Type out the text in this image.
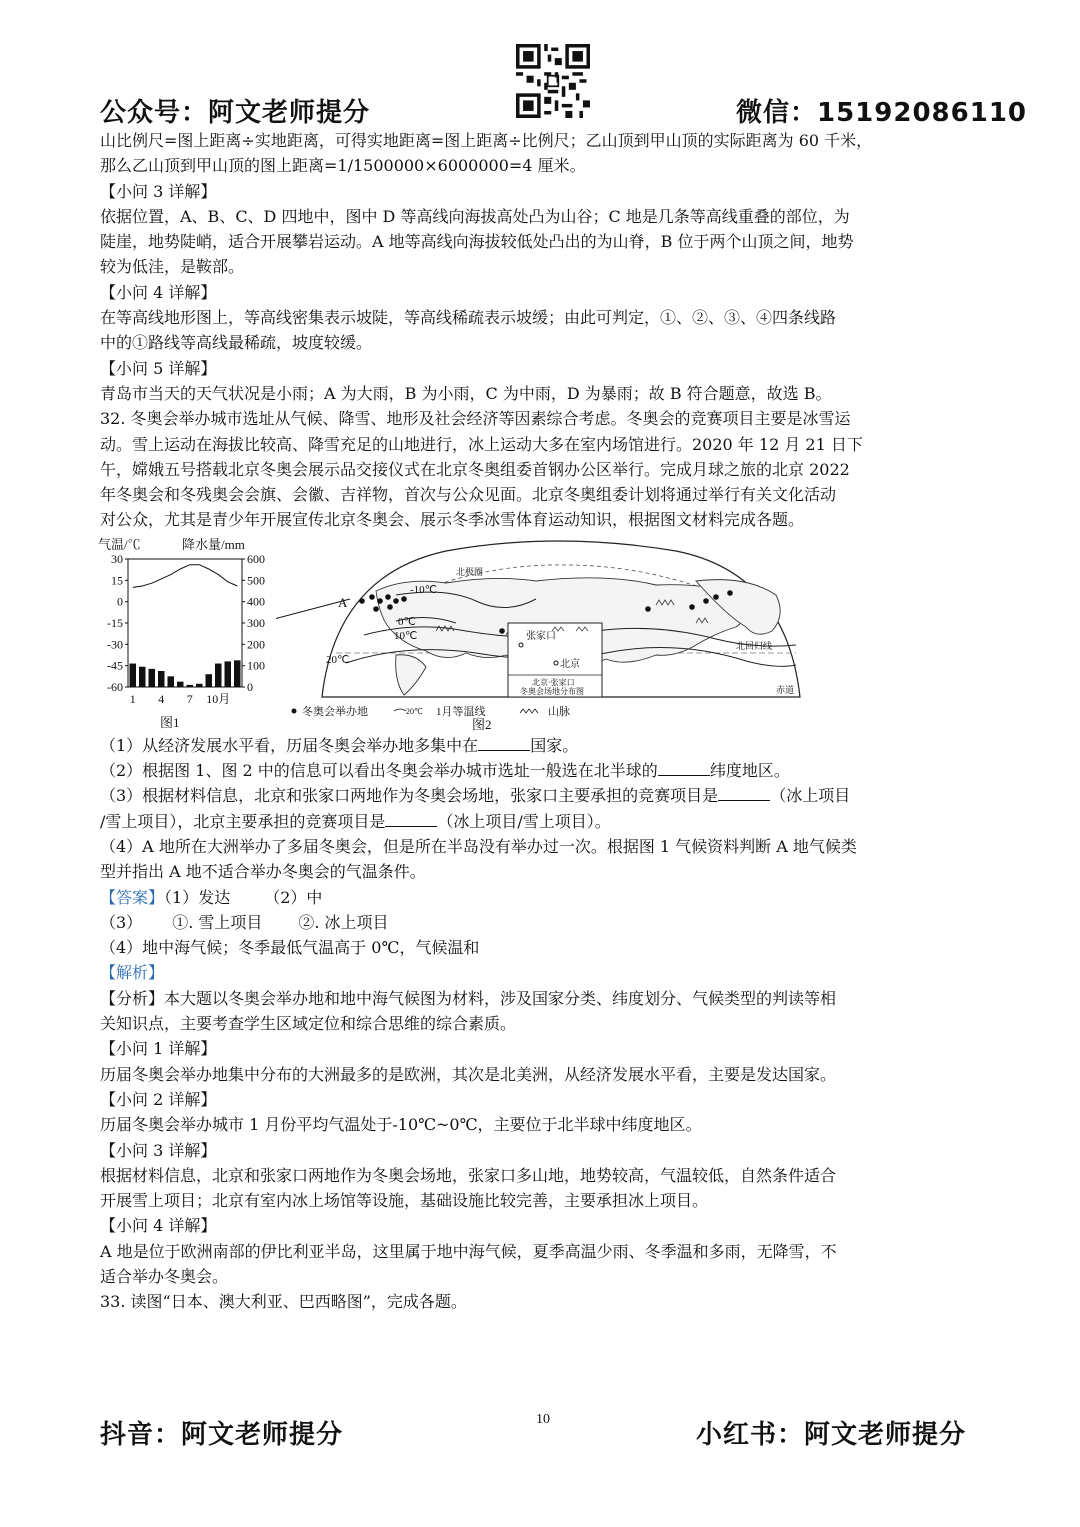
公众号：阿文老师提分	微信：15192086110

山比例尺=图上距离÷实地距离，可得实地距离=图上距离÷比例尺；乙山顶到甲山顶的实际距离为 60 千米，

那么乙山顶到甲山顶的图上距离=1/1500000×6000000=4 厘米。

【小问 3 详解】

依据位置，A、B、C、D 四地中，图中 D 等高线向海拔高处凸为山谷；C 地是几条等高线重叠的部位，为

陡崖，地势陡峭，适合开展攀岩运动。A 地等高线向海拔较低处凸出的为山脊，B 位于两个山顶之间，地势

较为低洼，是鞍部。

【小问 4 详解】

在等高线地形图上，等高线密集表示坡陡，等高线稀疏表示坡缓；由此可判定，①、②、③、④四条线路

中的①路线等高线最稀疏，坡度较缓。

【小问 5 详解】

青岛市当天的天气状况是小雨；A 为大雨，B 为小雨，C 为中雨，D 为暴雨；故 B 符合题意，故选 B。

32. 冬奥会举办城市选址从气候、降雪、地形及社会经济等因素综合考虑。冬奥会的竞赛项目主要是冰雪运

动。雪上运动在海拔比较高、降雪充足的山地进行，冰上运动大多在室内场馆进行。2020 年 12 月 21 日下

午，嫦娥五号搭载北京冬奥会展示品交接仪式在北京冬奥组委首钢办公区举行。完成月球之旅的北京 2022

年冬奥会和冬残奥会会旗、会徽、吉祥物，首次与公众见面。北京冬奥组委计划将通过举行有关文化活动

对公众，尤其是青少年开展宣传北京冬奥会、展示冬季冰雪体育运动知识，根据图文材料完成各题。

气温/℃	降水量/mm
30
15
0
-15
-30
-45
-60
600
500
400
300
200
100
0
1 4 7 10月
图1
A
北极圈
北回归线
赤道
-10℃
0℃
10℃
20℃
张家口
北京
北京·张家口
冬奥会场地分布图
冬奥会举办地	20℃ 1月等温线	山脉
图2

（1）从经济发展水平看，历届冬奥会举办地多集中在	国家。

（2）根据图 1、图 2 中的信息可以看出冬奥会举办城市选址一般选在北半球的	纬度地区。

（3）根据材料信息，北京和张家口两地作为冬奥会场地，张家口主要承担的竞赛项目是	（冰上项目

/雪上项目），北京主要承担的竞赛项目是	（冰上项目/雪上项目）。

（4）A 地所在大洲举办了多届冬奥会，但是所在半岛没有举办过一次。根据图 1 气候资料判断 A 地气候类

型并指出 A 地不适合举办冬奥会的气温条件。

【答案】（1）发达 （2）中

（3） ①. 雪上项目 ②. 冰上项目

（4）地中海气候；冬季最低气温高于 0℃，气候温和

【解析】

【分析】本大题以冬奥会举办地和地中海气候图为材料，涉及国家分类、纬度划分、气候类型的判读等相

关知识点，主要考查学生区域定位和综合思维的综合素质。

【小问 1 详解】

历届冬奥会举办地集中分布的大洲最多的是欧洲，其次是北美洲，从经济发展水平看，主要是发达国家。

【小问 2 详解】

历届冬奥会举办城市 1 月份平均气温处于-10℃~0℃，主要位于北半球中纬度地区。

【小问 3 详解】

根据材料信息，北京和张家口两地作为冬奥会场地，张家口多山地，地势较高，气温较低，自然条件适合

开展雪上项目；北京有室内冰上场馆等设施，基础设施比较完善，主要承担冰上项目。

【小问 4 详解】

A 地是位于欧洲南部的伊比利亚半岛，这里属于地中海气候，夏季高温少雨、冬季温和多雨，无降雪，不

适合举办冬奥会。

33. 读图“日本、澳大利亚、巴西略图”，完成各题。

抖音：阿文老师提分
10
小红书：阿文老师提分
